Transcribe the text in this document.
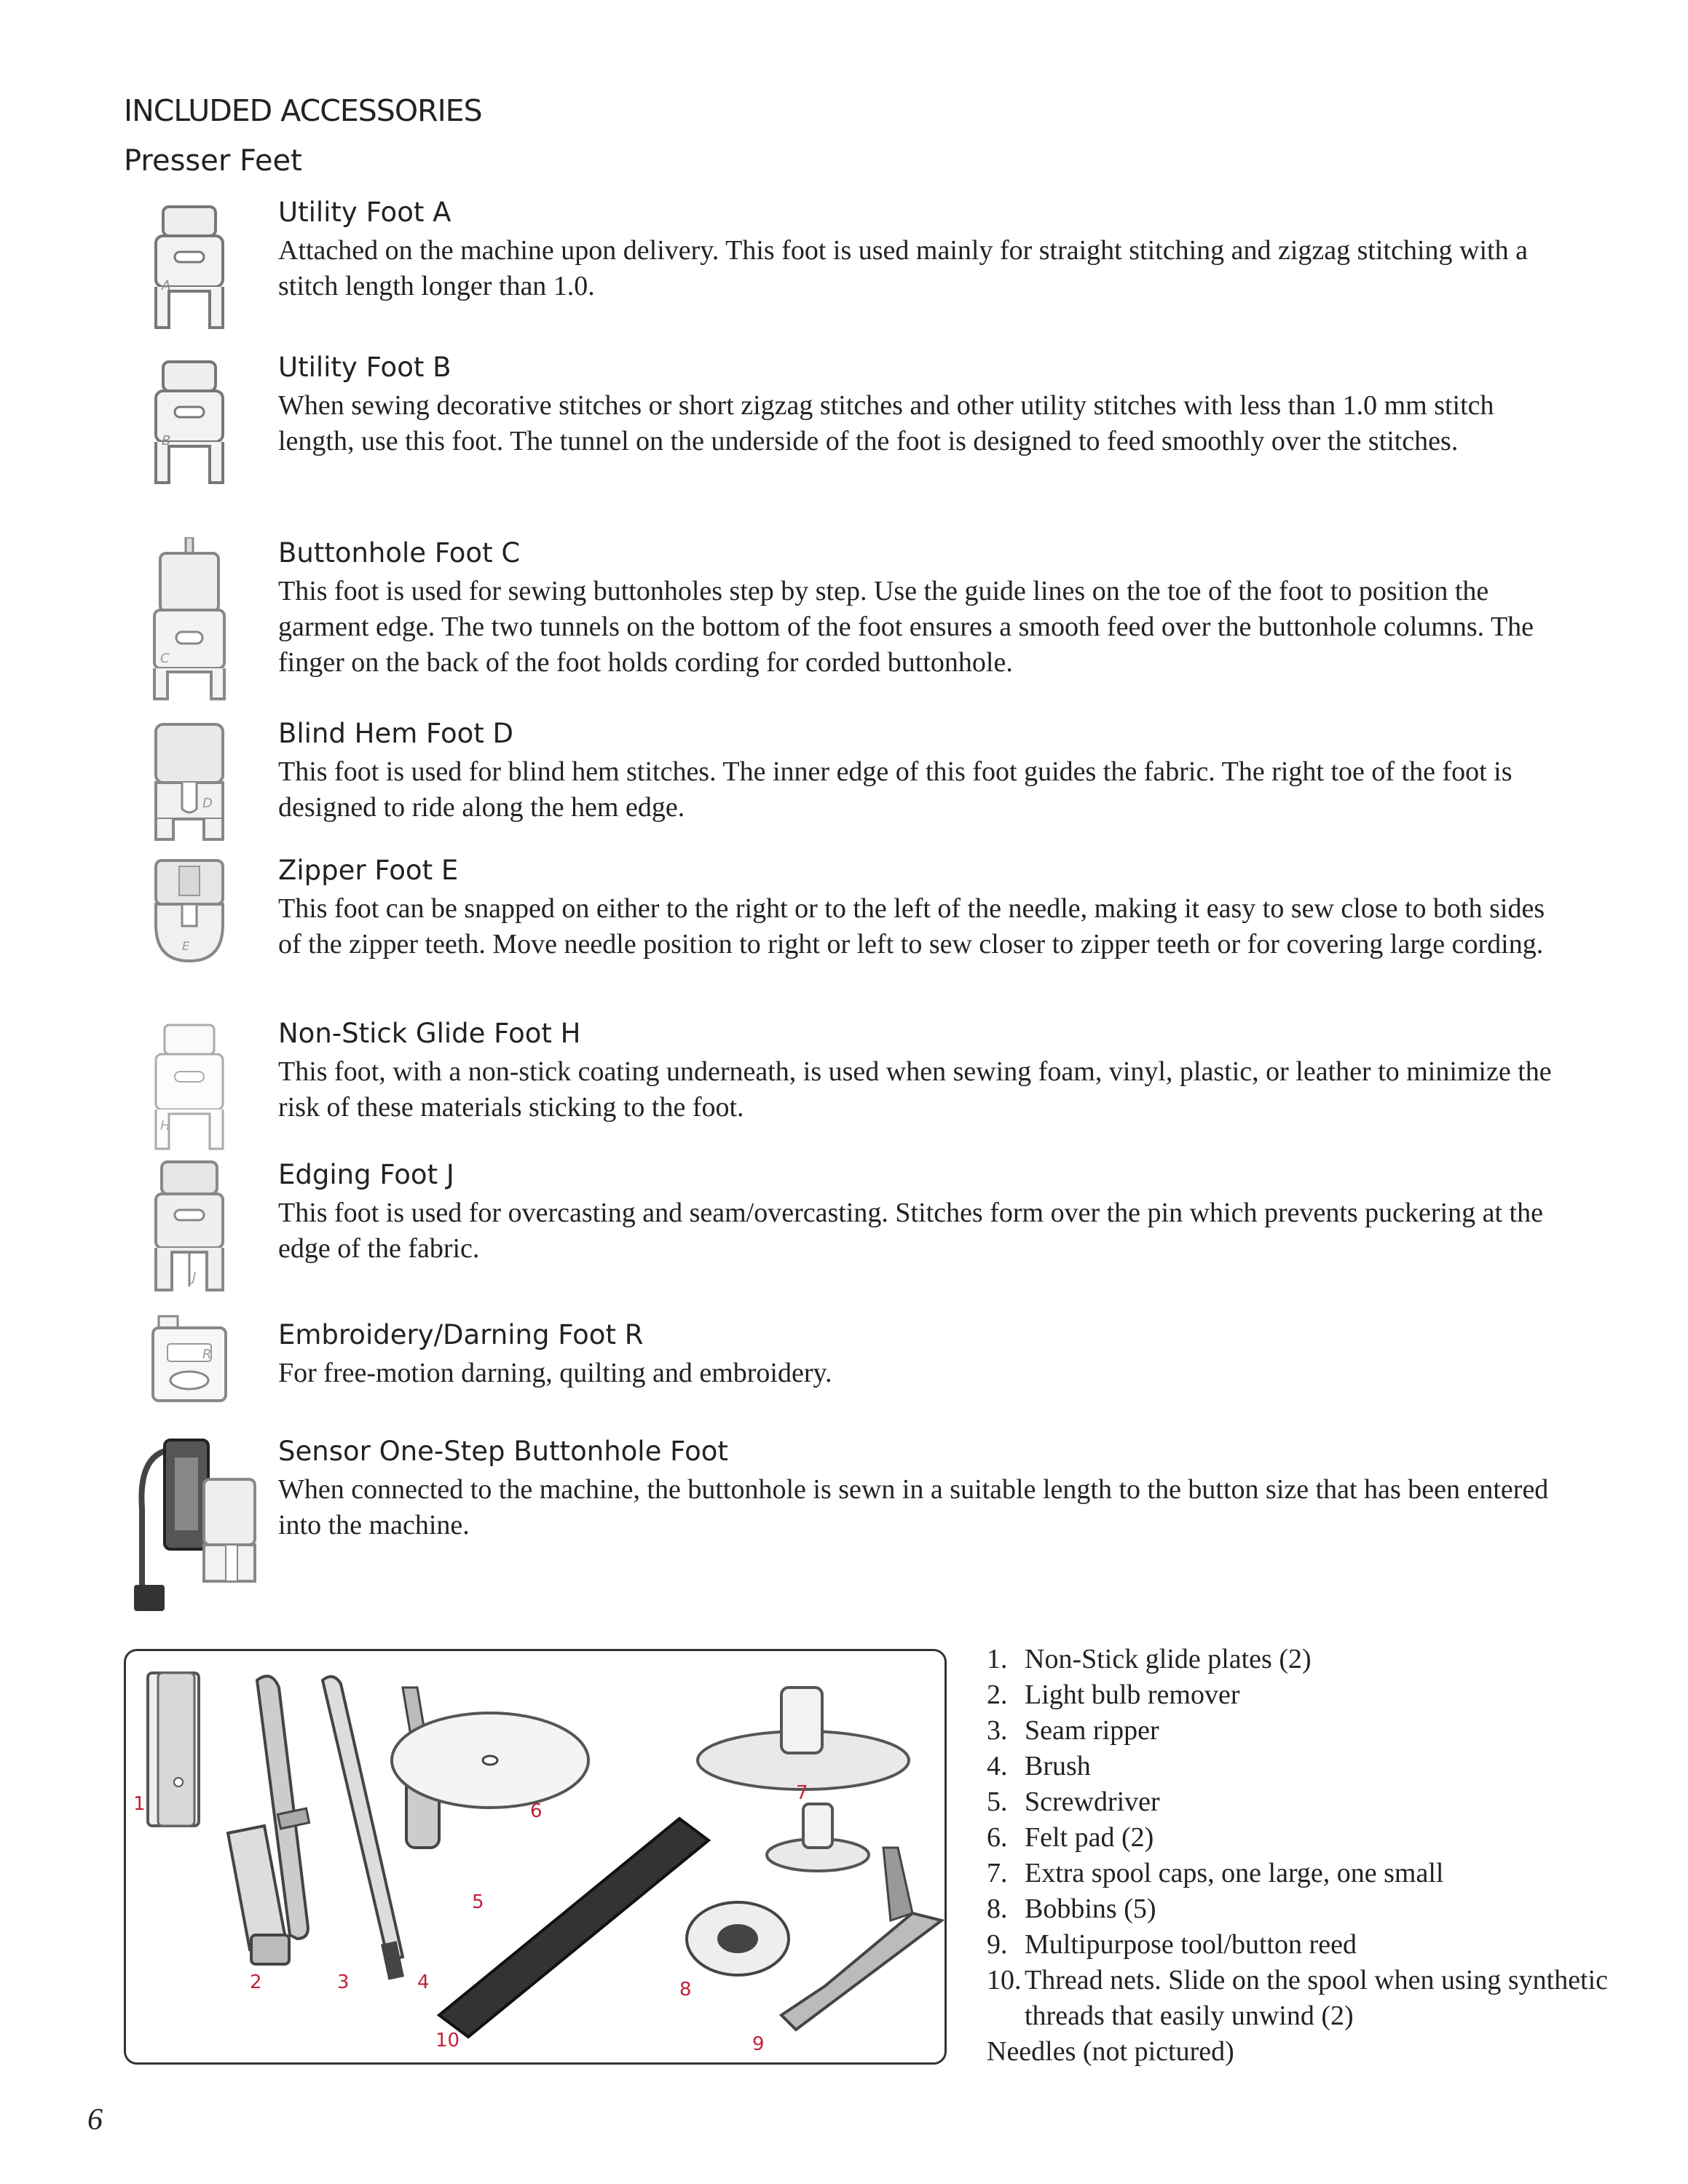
INCLUDED ACCESSORIES
Presser Feet
A
Utility Foot A
Attached on the machine upon delivery. This foot is used mainly for straight stitching and zigzag stitching with a stitch length longer than 1.0.
B
Utility Foot B
When sewing decorative stitches or short zigzag stitches and other utility stitches with less than 1.0 mm stitch length, use this foot. The tunnel on the underside of the foot is designed to feed smoothly over the stitches.
C
Buttonhole Foot C
This foot is used for sewing buttonholes step by step. Use the guide lines on the toe of the foot to position the garment edge. The two tunnels on the bottom of the foot ensures a smooth feed over the buttonhole columns. The finger on the back of the foot holds cording for corded buttonhole.
D
Blind Hem Foot D
This foot is used for blind hem stitches. The inner edge of this foot guides the fabric. The right toe of the foot is designed to ride along the hem edge.
E
Zipper Foot E
This foot can be snapped on either to the right or to the left of the needle, making it easy to sew close to both sides of the zipper teeth. Move needle position to right or left to sew closer to zipper teeth or for covering large cording.
H
Non-Stick Glide Foot H
This foot, with a non-stick coating underneath, is used when sewing foam, vinyl, plastic, or leather to minimize the risk of these materials sticking to the foot.
J
Edging Foot J
This foot is used for overcasting and seam/overcasting. Stitches form over the pin which prevents puckering at the edge of the fabric.
R
Embroidery/Darning Foot R
For free-motion darning, quilting and embroidery.
Sensor One-Step Buttonhole Foot
When connected to the machine, the buttonhole is sewn in a suitable length to the button size that has been entered into the machine.
1
2	3	4
5
6
7
8
9
10
1. Non-Stick glide plates (2)
2. Light bulb remover
3. Seam ripper
4. Brush
5. Screwdriver
6. Felt pad (2)
7. Extra spool caps, one large, one small
8. Bobbins (5)
9. Multipurpose tool/button reed
10. Thread nets. Slide on the spool when using synthetic threads that easily unwind (2)
Needles (not pictured)
6
